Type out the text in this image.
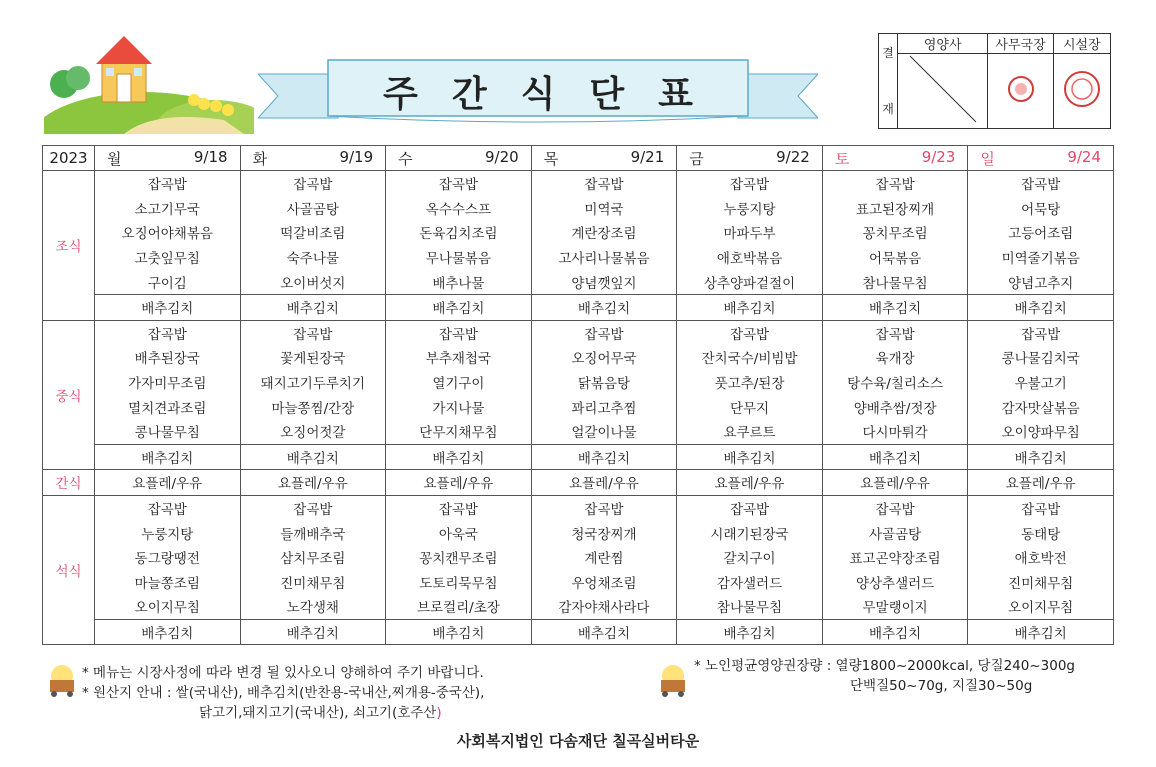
주간식단표
결
재	영양사	사무국장	시설장

2023	월 9/18	화 9/19	수 9/20	목 9/21	금 9/22	토 9/23	일 9/24

조식	잡곡밥	잡곡밥	잡곡밥	잡곡밥	잡곡밥	잡곡밥	잡곡밥
	소고기무국	사골곰탕	옥수수스프	미역국	누룽지탕	표고된장찌개	어묵탕
	오징어야채볶음	떡갈비조림	돈육김치조림	계란장조림	마파두부	꽁치무조림	고등어조림
	고춧잎무침	숙주나물	무나물볶음	고사리나물볶음	애호박볶음	어묵볶음	미역줄기볶음
	구이김	오이버섯지	배추나물	양념깻잎지	상추양파겉절이	참나물무침	양념고추지
	배추김치	배추김치	배추김치	배추김치	배추김치	배추김치	배추김치
중식	잡곡밥	잡곡밥	잡곡밥	잡곡밥	잡곡밥	잡곡밥	잡곡밥
	배추된장국	꽃게된장국	부추재첩국	오징어무국	잔치국수/비빔밥	육개장	콩나물김치국
	가자미무조림	돼지고기두루치기	열기구이	닭볶음탕	풋고추/된장	탕수육/칠리소스	우불고기
	멸치견과조림	마늘쫑찜/간장	가지나물	꽈리고추찜	단무지	양배추쌈/젓장	감자맛살볶음
	콩나물무침	오징어젓갈	단무지채무침	얼갈이나물	요쿠르트	다시마튀각	오이양파무침
	배추김치	배추김치	배추김치	배추김치	배추김치	배추김치	배추김치
간식	요플레/우유	요플레/우유	요플레/우유	요플레/우유	요플레/우유	요플레/우유	요플레/우유
석식	잡곡밥	잡곡밥	잡곡밥	잡곡밥	잡곡밥	잡곡밥	잡곡밥
	누룽지탕	들깨배추국	아욱국	청국장찌개	시래기된장국	사골곰탕	동태탕
	동그랑땡전	삼치무조림	꽁치캔무조림	계란찜	갈치구이	표고곤약장조림	애호박전
	마늘쫑조림	진미채무침	도토리묵무침	우엉채조림	감자샐러드	양상추샐러드	진미채무침
	오이지무침	노각생채	브로컬리/초장	감자야채사라다	참나물무침	무말랭이지	오이지무침
	배추김치	배추김치	배추김치	배추김치	배추김치	배추김치	배추김치
* 메뉴는 시장사정에 따라 변경 될 있사오니 양해하여 주기 바랍니다.
* 원산지 안내 : 쌀(국내산), 배추김치(반찬용-국내산,찌개용-중국산),
닭고기,돼지고기(국내산), 쇠고기(호주산)
* 노인평균영양권장량 : 열량1800~2000kcal, 당질240~300g
단백질50~70g, 지질30~50g
사회복지법인 다솜재단 칠곡실버타운
